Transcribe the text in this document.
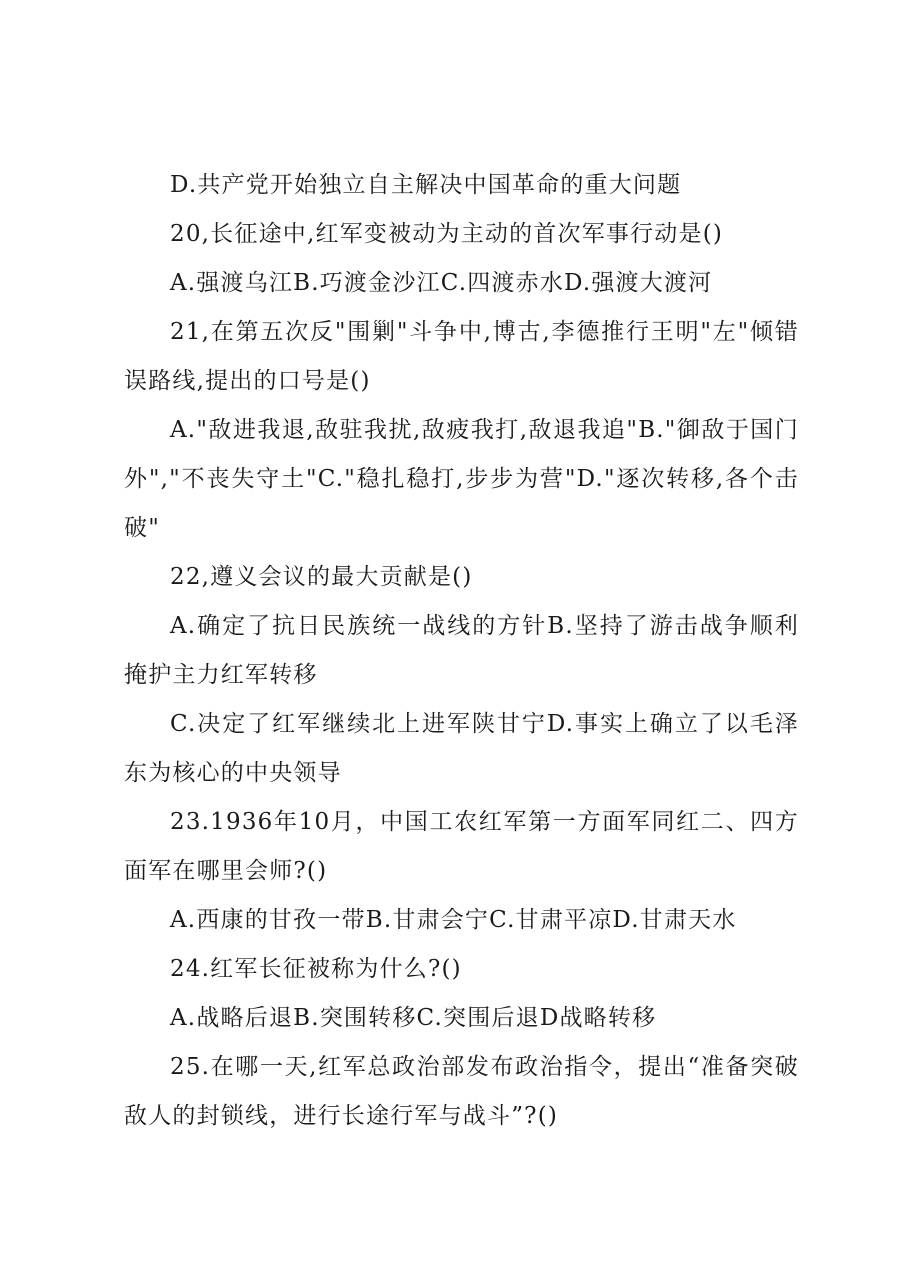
D.共产党开始独立自主解决中国革命的重大问题

20,长征途中,红军变被动为主动的首次军事行动是()

A.强渡乌江B.巧渡金沙江C.四渡赤水D.强渡大渡河

21,在第五次反"围剿"斗争中,博古,李德推行王明"左"倾错误路线,提出的口号是()

A."敌进我退,敌驻我扰,敌疲我打,敌退我追"B."御敌于国门外","不丧失守土"C."稳扎稳打,步步为营"D."逐次转移,各个击破"

22,遵义会议的最大贡献是()

A.确定了抗日民族统一战线的方针B.坚持了游击战争顺利掩护主力红军转移

C.决定了红军继续北上进军陕甘宁D.事实上确立了以毛泽东为核心的中央领导

23.1936年10月，中国工农红军第一方面军同红二、四方面军在哪里会师?()

A.西康的甘孜一带B.甘肃会宁C.甘肃平凉D.甘肃天水

24.红军长征被称为什么?()

A.战略后退B.突围转移C.突围后退D战略转移

25.在哪一天,红军总政治部发布政治指令，提出“准备突破敌人的封锁线，进行长途行军与战斗”?()
